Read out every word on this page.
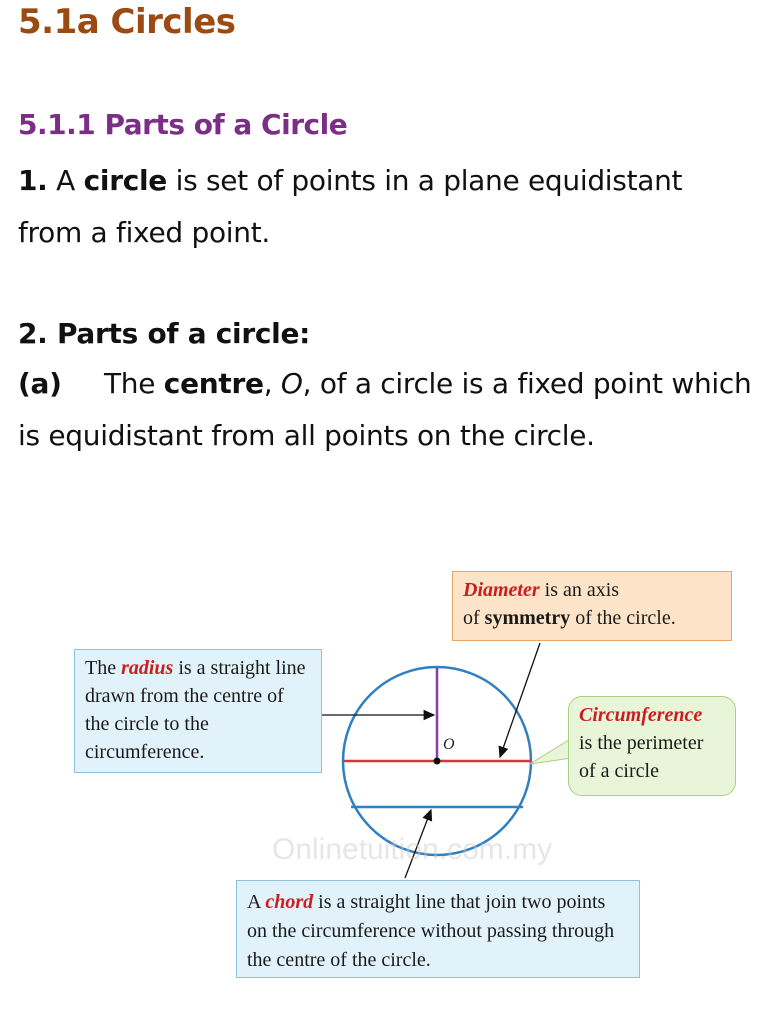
5.1a Circles
5.1.1 Parts of a Circle
1. A circle is set of points in a plane equidistant from a fixed point.
2. Parts of a circle:
(a) The centre, O, of a circle is a fixed point which is equidistant from all points on the circle.
Onlinetuition.com.my
O
Diameter is an axis
of symmetry of the circle.
The radius is a straight line drawn from the centre of the circle to the circumference.
Circumference
is the perimeter of a circle
A chord is a straight line that join two points on the circumference without passing through the centre of the circle.
